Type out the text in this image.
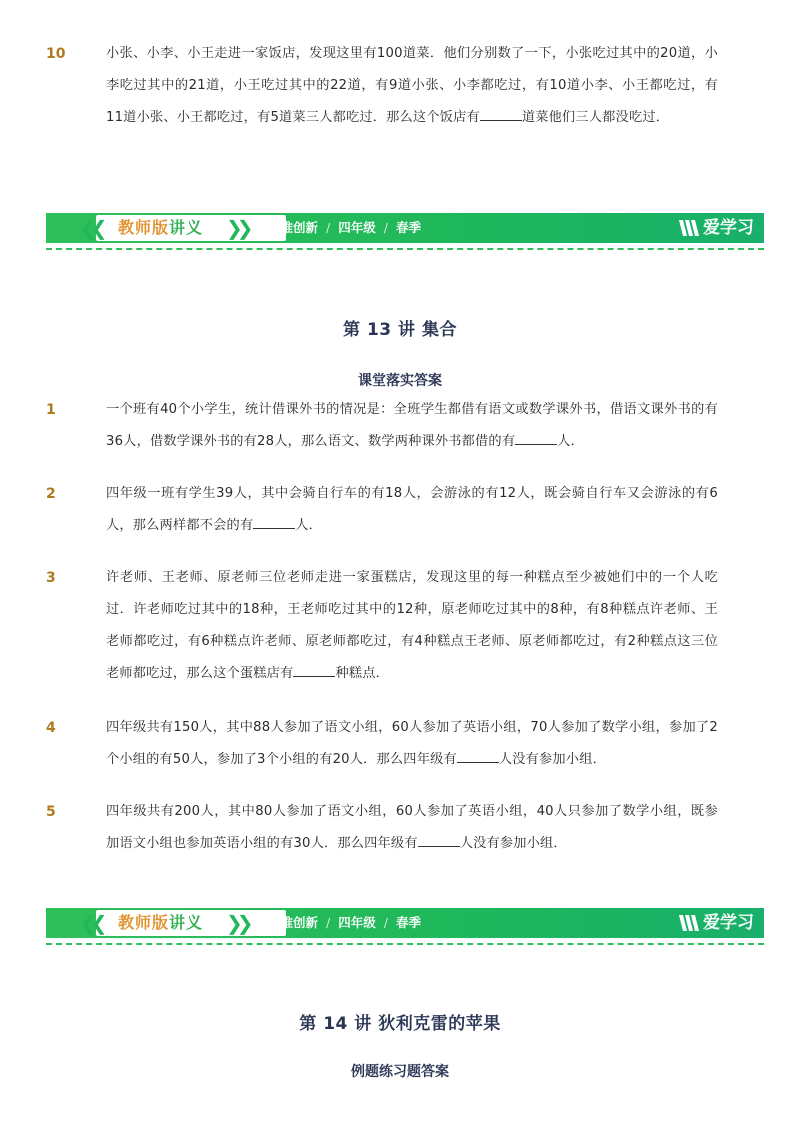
10	小张、小李、小王走进一家饭店，发现这里有100道菜．他们分别数了一下，小张吃过其中的20道，小李吃过其中的21道，小王吃过其中的22道，有9道小张、小李都吃过，有10道小李、小王都吃过，有11道小张、小王都吃过，有5道菜三人都吃过．那么这个饭店有	道菜他们三人都没吃过．
❮❮ 教师版讲义 ❯❯ 思维创新 / 四年级 / 春季	爱学习
第 13 讲 集合
课堂落实答案
1	一个班有40个小学生，统计借课外书的情况是：全班学生都借有语文或数学课外书，借语文课外书的有36人，借数学课外书的有28人，那么语文、数学两种课外书都借的有	人．
2	四年级一班有学生39人，其中会骑自行车的有18人，会游泳的有12人，既会骑自行车又会游泳的有6人，那么两样都不会的有	人．
3	许老师、王老师、原老师三位老师走进一家蛋糕店，发现这里的每一种糕点至少被她们中的一个人吃过．许老师吃过其中的18种，王老师吃过其中的12种，原老师吃过其中的8种，有8种糕点许老师、王老师都吃过，有6种糕点许老师、原老师都吃过，有4种糕点王老师、原老师都吃过，有2种糕点这三位老师都吃过，那么这个蛋糕店有	种糕点．
4	四年级共有150人，其中88人参加了语文小组，60人参加了英语小组，70人参加了数学小组，参加了2个小组的有50人，参加了3个小组的有20人．那么四年级有	人没有参加小组．
5	四年级共有200人，其中80人参加了语文小组，60人参加了英语小组，40人只参加了数学小组，既参加语文小组也参加英语小组的有30人．那么四年级有	人没有参加小组．
❮❮ 教师版讲义 ❯❯ 思维创新 / 四年级 / 春季	爱学习
第 14 讲 狄利克雷的苹果
例题练习题答案
